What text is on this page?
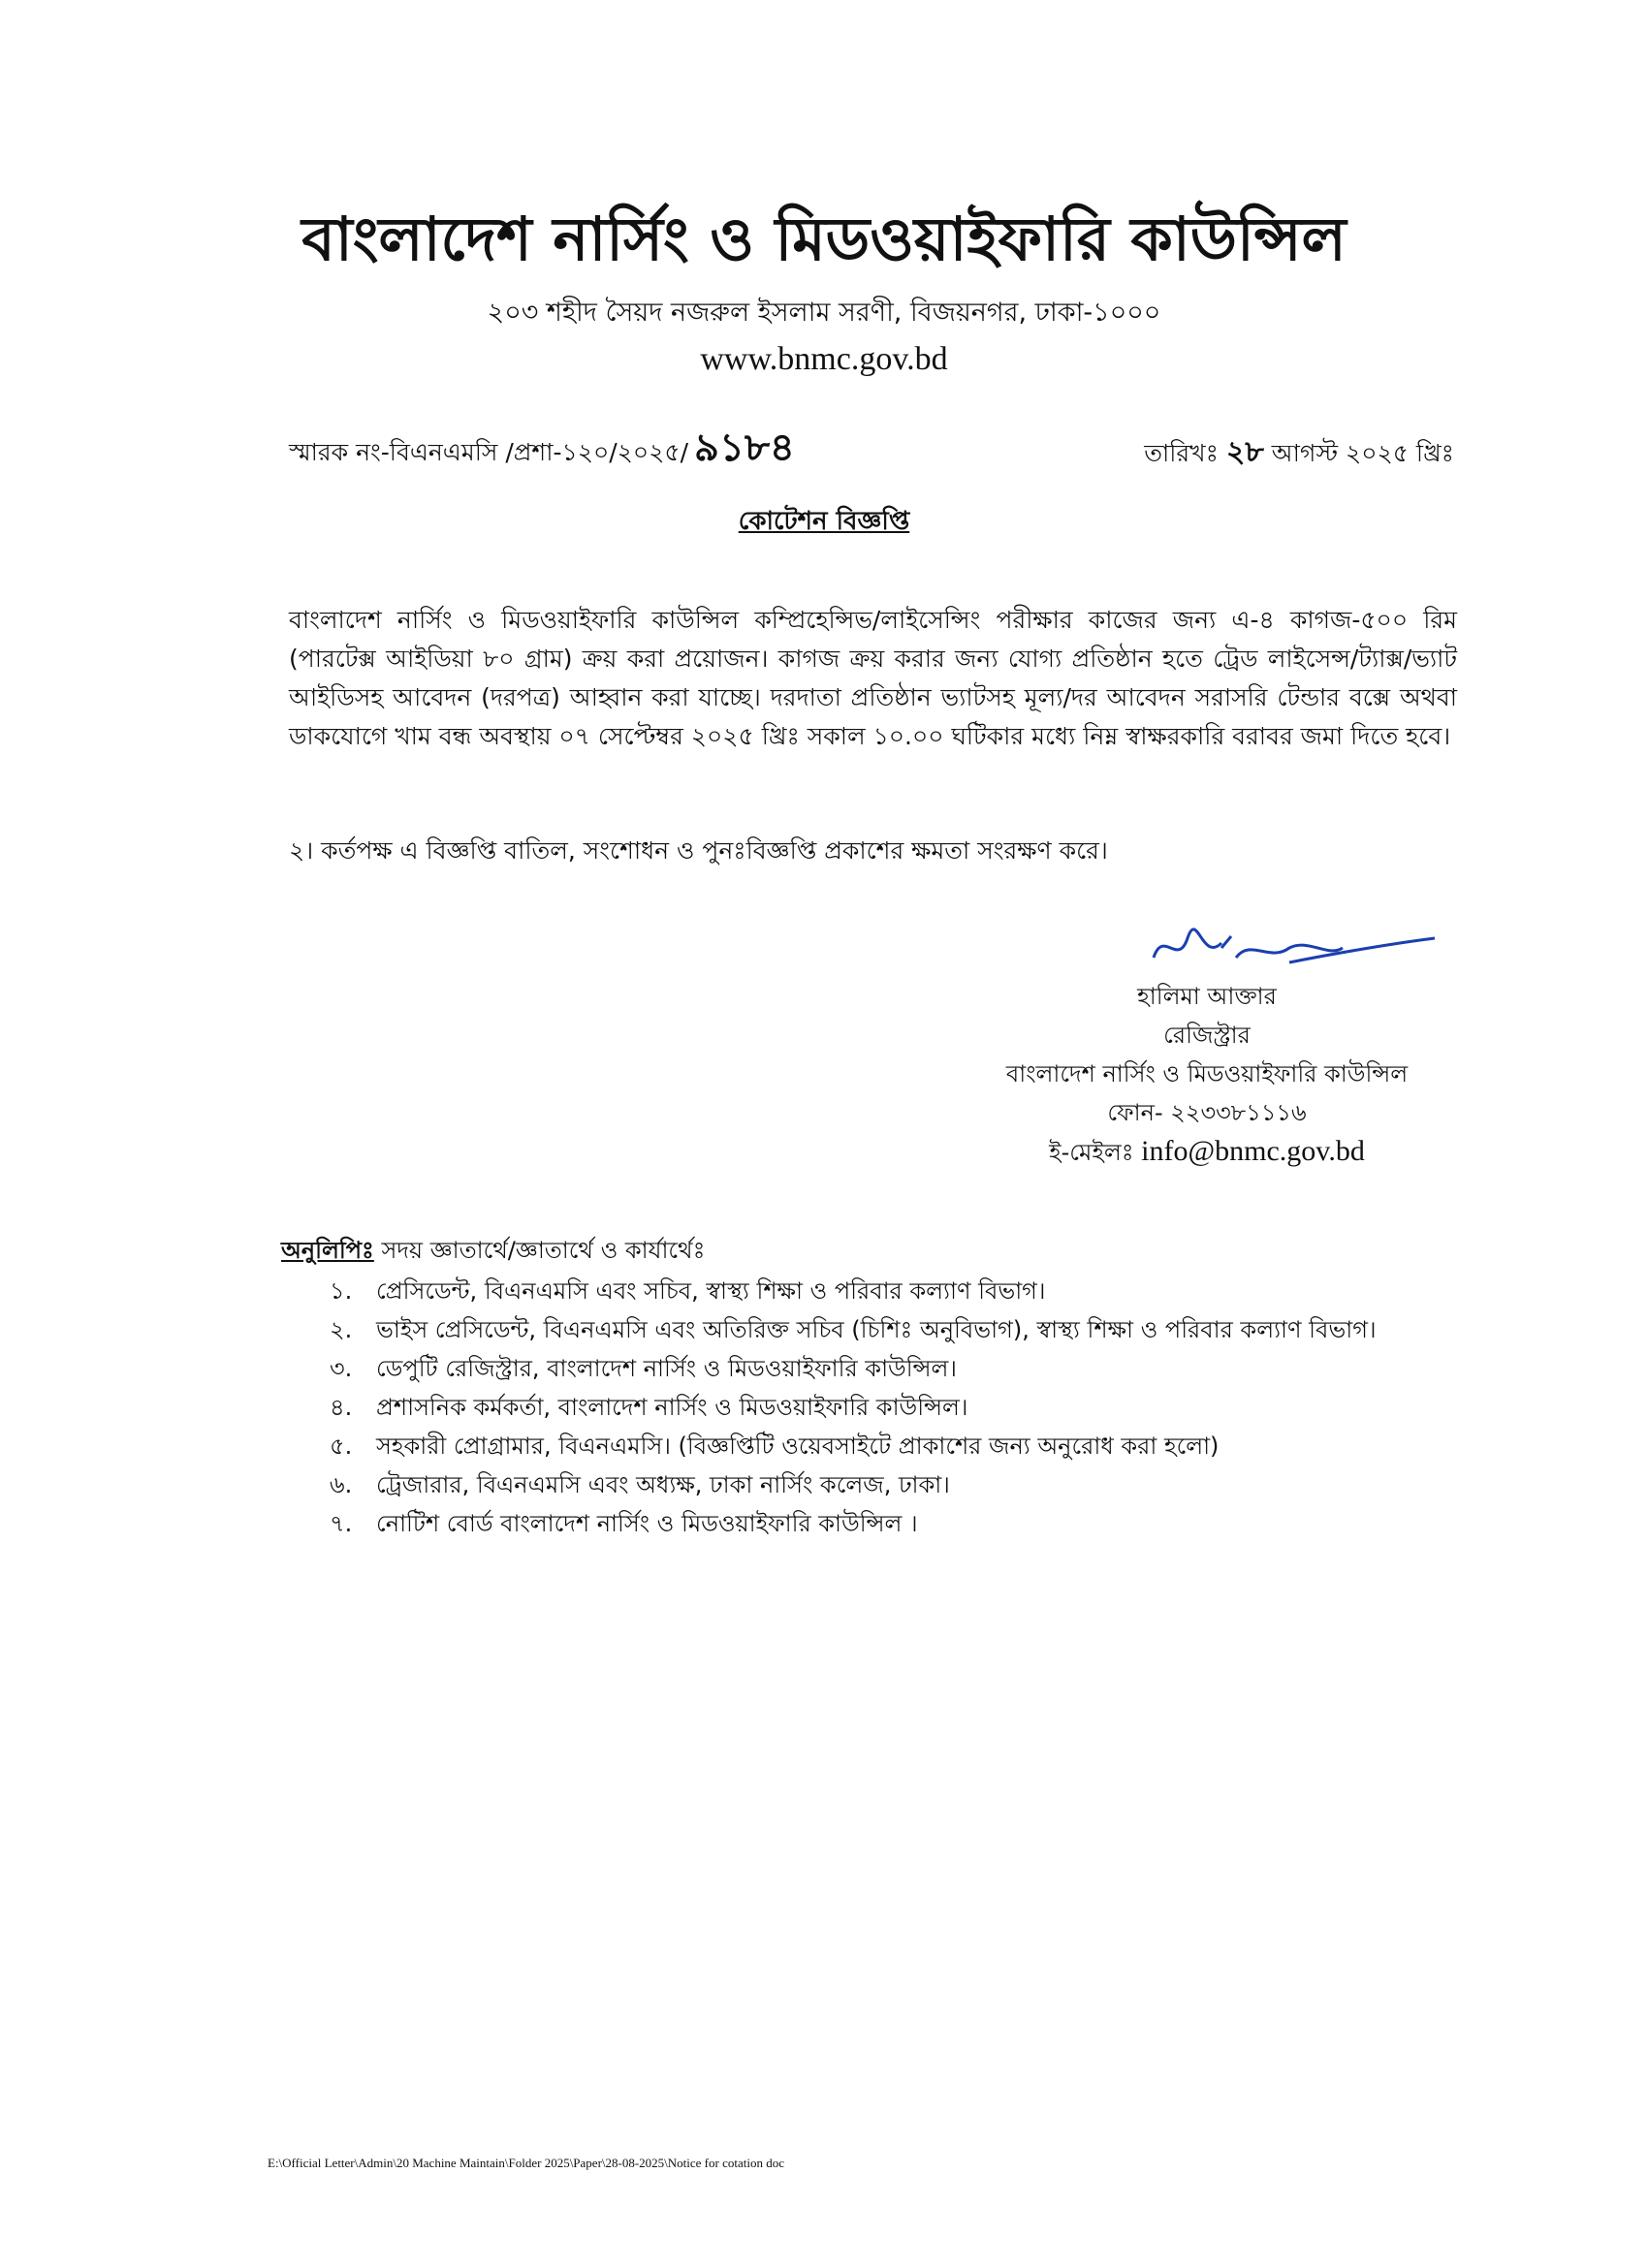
বাংলাদেশ নার্সিং ও মিডওয়াইফারি কাউন্সিল
২০৩ শহীদ সৈয়দ নজরুল ইসলাম সরণী, বিজয়নগর, ঢাকা-১০০০
www.bnmc.gov.bd
স্মারক নং-বিএনএমসি /প্রশা-১২০/২০২৫/ ৯১৮৪	তারিখঃ ২৮ আগস্ট ২০২৫ খ্রিঃ
কোটেশন বিজ্ঞপ্তি
বাংলাদেশ নার্সিং ও মিডওয়াইফারি কাউন্সিল কম্প্রিহেন্সিভ/লাইসেন্সিং পরীক্ষার কাজের জন্য এ-৪ কাগজ-৫০০ রিম (পারটেক্স আইডিয়া ৮০ গ্রাম) ক্রয় করা প্রয়োজন। কাগজ ক্রয় করার জন্য যোগ্য প্রতিষ্ঠান হতে ট্রেড লাইসেন্স/ট্যাক্স/ভ্যাট আইডিসহ আবেদন (দরপত্র) আহ্বান করা যাচ্ছে। দরদাতা প্রতিষ্ঠান ভ্যাটসহ মূল্য/দর আবেদন সরাসরি টেন্ডার বক্সে অথবা ডাকযোগে খাম বন্ধ অবস্থায় ০৭ সেপ্টেম্বর ২০২৫ খ্রিঃ সকাল ১০.০০ ঘটিকার মধ্যে নিম্ন স্বাক্ষরকারি বরাবর জমা দিতে হবে।
২। কর্তপক্ষ এ বিজ্ঞপ্তি বাতিল, সংশোধন ও পুনঃবিজ্ঞপ্তি প্রকাশের ক্ষমতা সংরক্ষণ করে।
হালিমা আক্তার
রেজিস্ট্রার
বাংলাদেশ নার্সিং ও মিডওয়াইফারি কাউন্সিল
ফোন- ২২৩৩৮১১১৬
ই-মেইলঃ info@bnmc.gov.bd
অনুলিপিঃ সদয় জ্ঞাতার্থে/জ্ঞাতার্থে ও কার্যার্থেঃ
১. প্রেসিডেন্ট, বিএনএমসি এবং সচিব, স্বাস্থ্য শিক্ষা ও পরিবার কল্যাণ বিভাগ।
২. ভাইস প্রেসিডেন্ট, বিএনএমসি এবং অতিরিক্ত সচিব (চিশিঃ অনুবিভাগ), স্বাস্থ্য শিক্ষা ও পরিবার কল্যাণ বিভাগ।
৩. ডেপুটি রেজিস্ট্রার, বাংলাদেশ নার্সিং ও মিডওয়াইফারি কাউন্সিল।
৪. প্রশাসনিক কর্মকর্তা, বাংলাদেশ নার্সিং ও মিডওয়াইফারি কাউন্সিল।
৫. সহকারী প্রোগ্রামার, বিএনএমসি। (বিজ্ঞপ্তিটি ওয়েবসাইটে প্রাকাশের জন্য অনুরোধ করা হলো)
৬. ট্রেজারার, বিএনএমসি এবং অধ্যক্ষ, ঢাকা নার্সিং কলেজ, ঢাকা।
৭. নোটিশ বোর্ড বাংলাদেশ নার্সিং ও মিডওয়াইফারি কাউন্সিল ।
E:\Official Letter\Admin\20 Machine Maintain\Folder 2025\Paper\28-08-2025\Notice for cotation doc
